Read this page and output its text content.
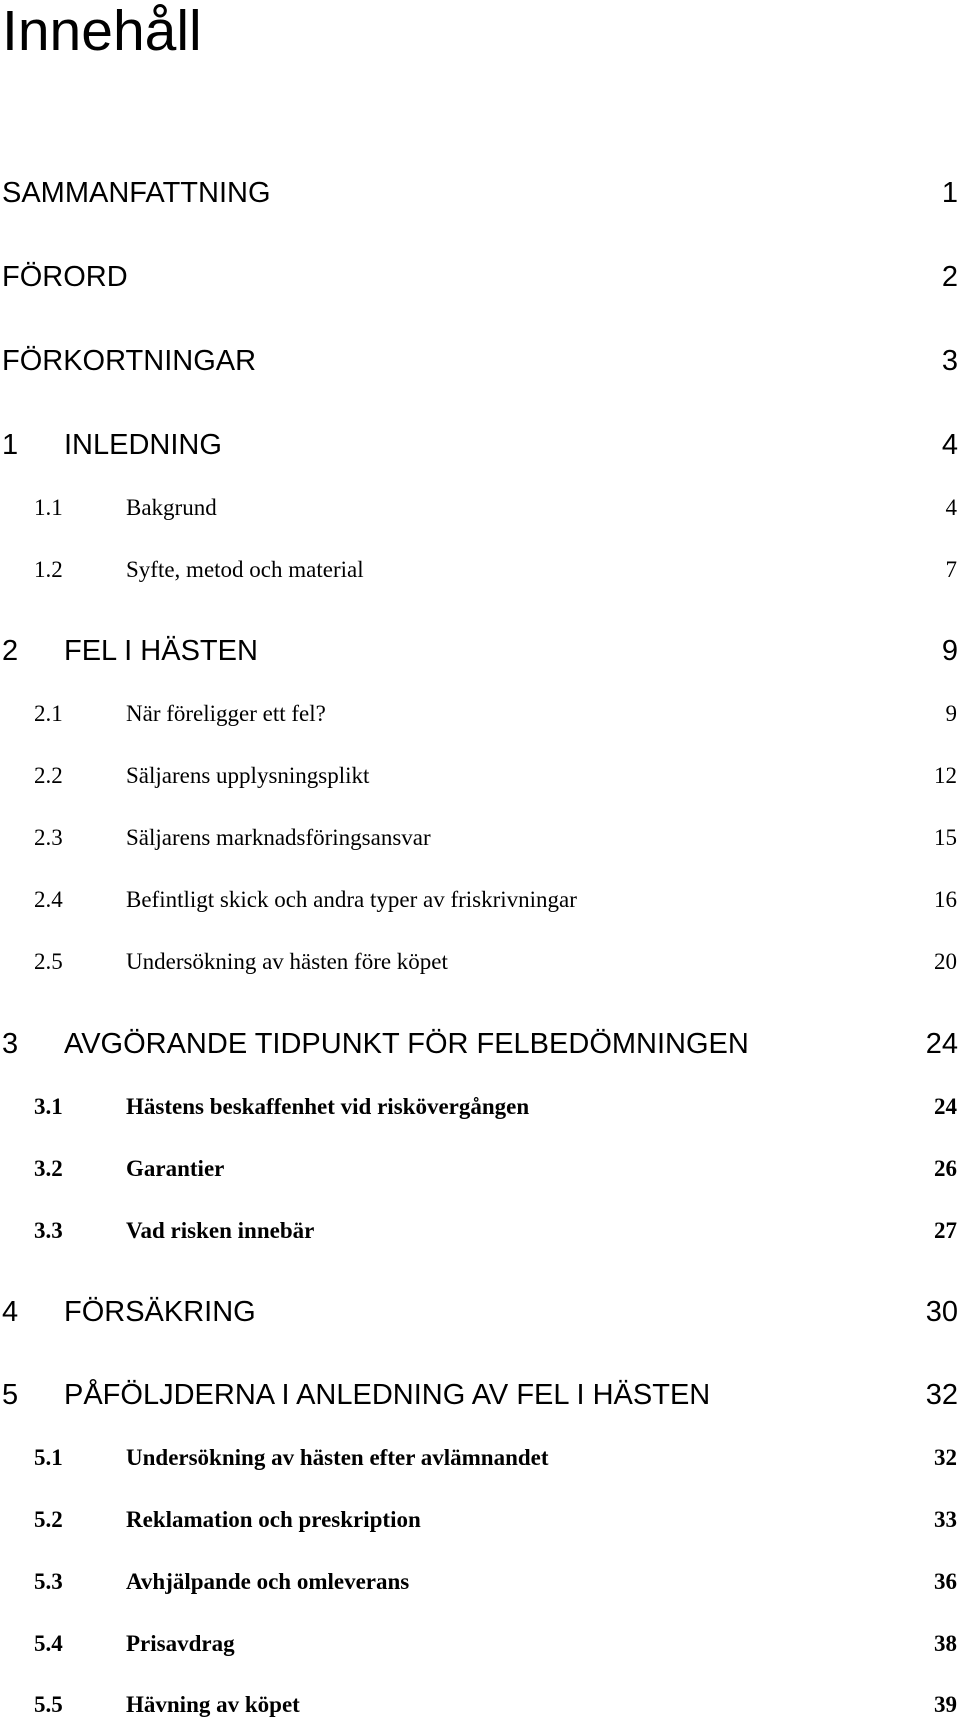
Innehåll
SAMMANFATTNING	1
FÖRORD	2
FÖRKORTNINGAR	3
1 INLEDNING	4
1.1	Bakgrund	4
1.2	Syfte, metod och material	7
2 FEL I HÄSTEN	9
2.1	När föreligger ett fel?	9
2.2	Säljarens upplysningsplikt	12
2.3	Säljarens marknadsföringsansvar	15
2.4	Befintligt skick och andra typer av friskrivningar	16
2.5	Undersökning av hästen före köpet	20
3 AVGÖRANDE TIDPUNKT FÖR FELBEDÖMNINGEN	24
3.1	Hästens beskaffenhet vid riskövergången	24
3.2	Garantier	26
3.3	Vad risken innebär	27
4 FÖRSÄKRING	30
5 PÅFÖLJDERNA I ANLEDNING AV FEL I HÄSTEN	32
5.1	Undersökning av hästen efter avlämnandet	32
5.2	Reklamation och preskription	33
5.3	Avhjälpande och omleverans	36
5.4	Prisavdrag	38
5.5	Hävning av köpet	39
